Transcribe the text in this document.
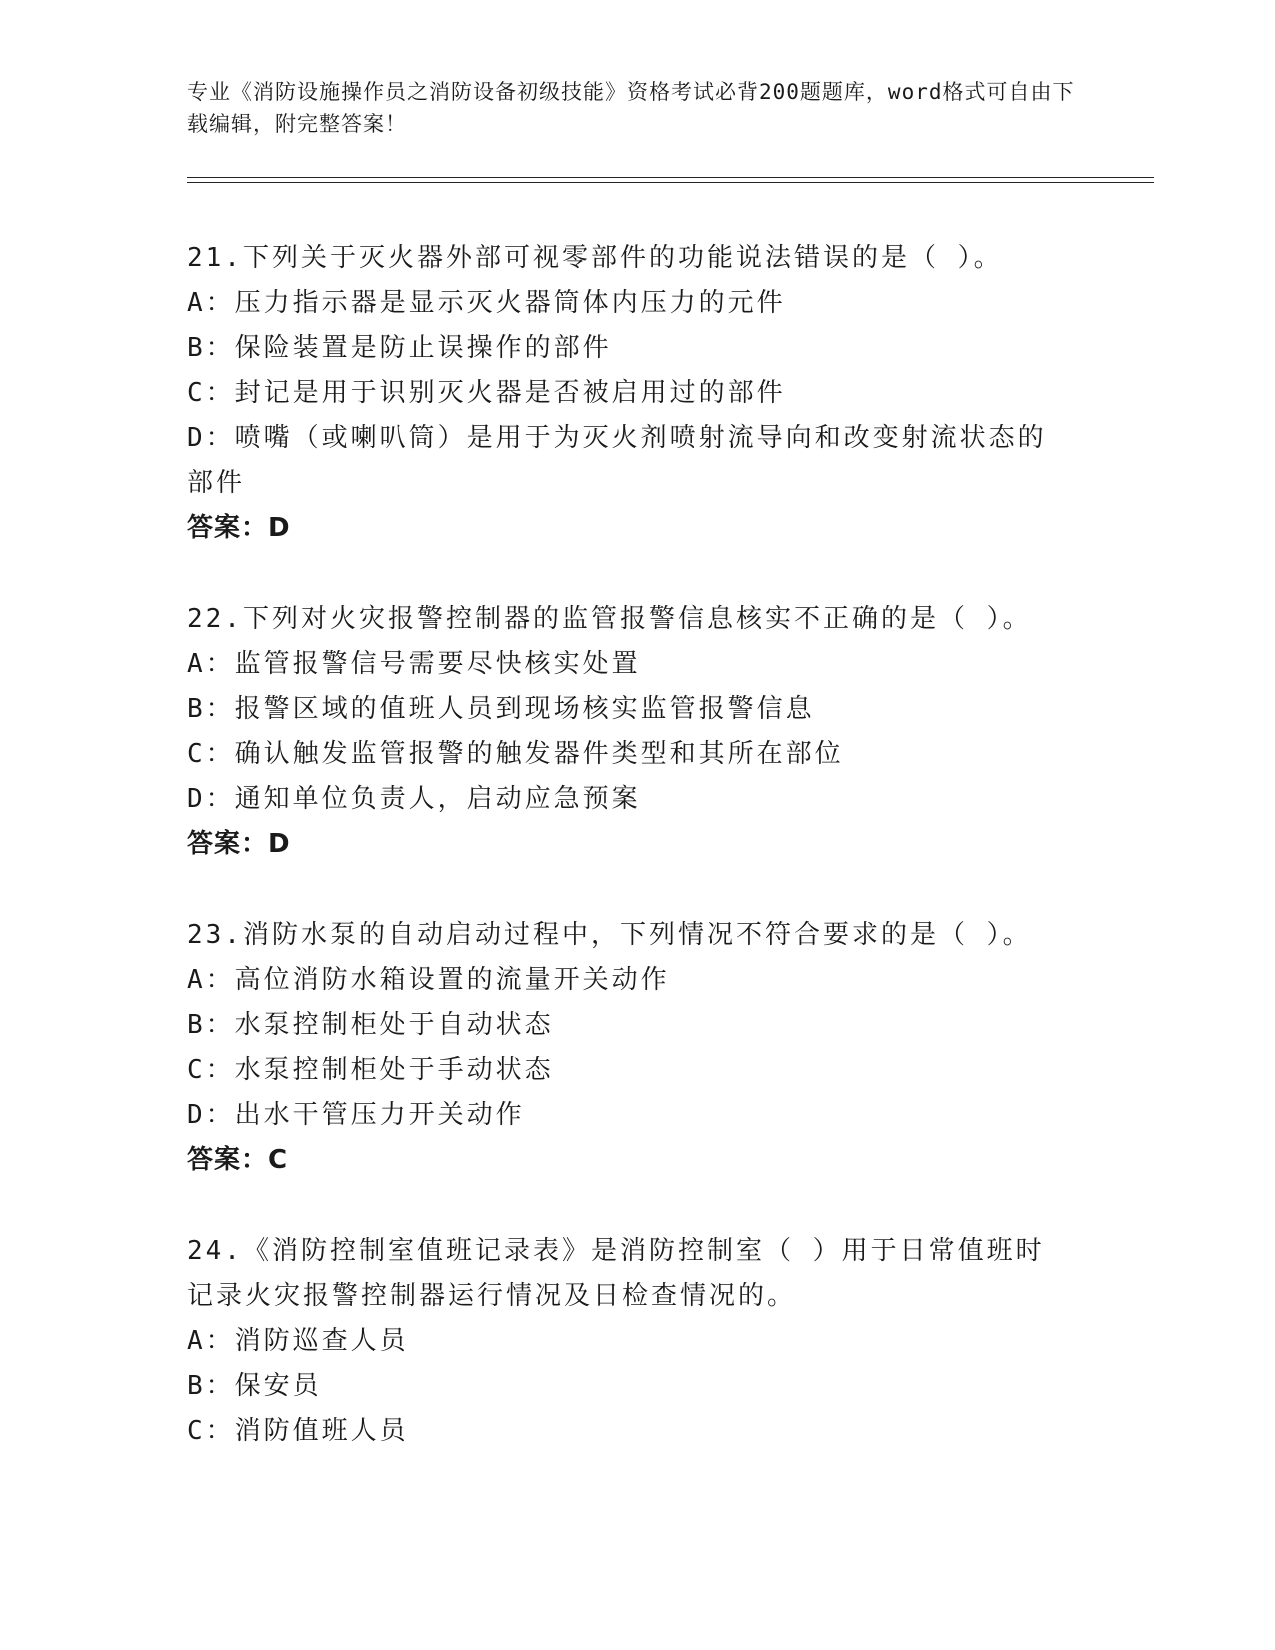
专业《消防设施操作员之消防设备初级技能》资格考试必背200题题库，word格式可自由下载编辑，附完整答案！
21.下列关于灭火器外部可视零部件的功能说法错误的是（ ）。
A：压力指示器是显示灭火器筒体内压力的元件
B：保险装置是防止误操作的部件
C：封记是用于识别灭火器是否被启用过的部件
D：喷嘴（或喇叭筒）是用于为灭火剂喷射流导向和改变射流状态的部件
答案：D
22.下列对火灾报警控制器的监管报警信息核实不正确的是（ ）。
A：监管报警信号需要尽快核实处置
B：报警区域的值班人员到现场核实监管报警信息
C：确认触发监管报警的触发器件类型和其所在部位
D：通知单位负责人，启动应急预案
答案：D
23.消防水泵的自动启动过程中，下列情况不符合要求的是（ ）。
A：高位消防水箱设置的流量开关动作
B：水泵控制柜处于自动状态
C：水泵控制柜处于手动状态
D：出水干管压力开关动作
答案：C
24.《消防控制室值班记录表》是消防控制室（ ）用于日常值班时记录火灾报警控制器运行情况及日检查情况的。
A：消防巡查人员
B：保安员
C：消防值班人员
